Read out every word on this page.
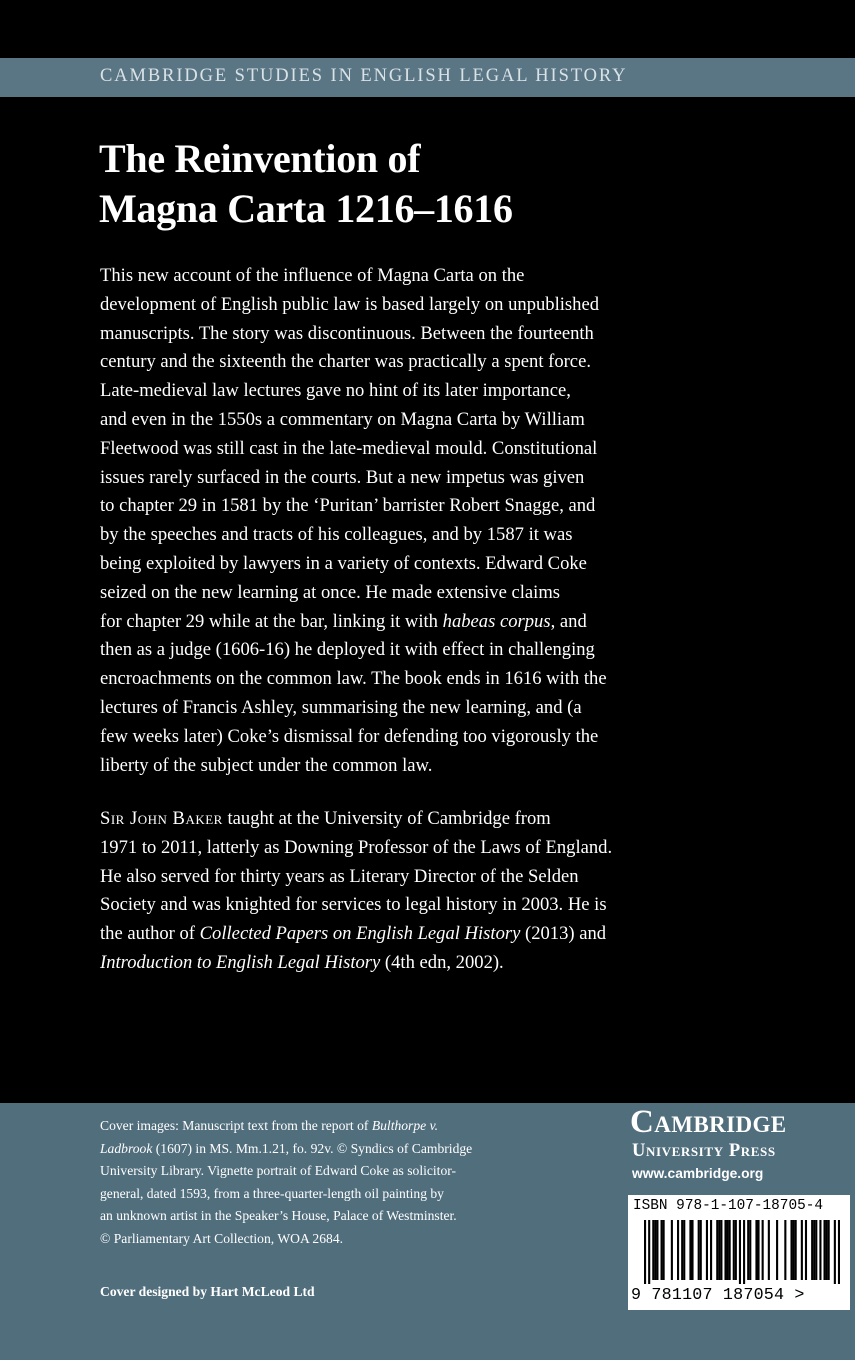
CAMBRIDGE STUDIES IN ENGLISH LEGAL HISTORY
The Reinvention of
Magna Carta 1216–1616
This new account of the influence of Magna Carta on the
development of English public law is based largely on unpublished
manuscripts. The story was discontinuous. Between the fourteenth
century and the sixteenth the charter was practically a spent force.
Late-medieval law lectures gave no hint of its later importance,
and even in the 1550s a commentary on Magna Carta by William
Fleetwood was still cast in the late-medieval mould. Constitutional
issues rarely surfaced in the courts. But a new impetus was given
to chapter 29 in 1581 by the ‘Puritan’ barrister Robert Snagge, and
by the speeches and tracts of his colleagues, and by 1587 it was
being exploited by lawyers in a variety of contexts. Edward Coke
seized on the new learning at once. He made extensive claims
for chapter 29 while at the bar, linking it with habeas corpus, and
then as a judge (1606-16) he deployed it with effect in challenging
encroachments on the common law. The book ends in 1616 with the
lectures of Francis Ashley, summarising the new learning, and (a
few weeks later) Coke’s dismissal for defending too vigorously the
liberty of the subject under the common law.
Sir John Baker taught at the University of Cambridge from
1971 to 2011, latterly as Downing Professor of the Laws of England.
He also served for thirty years as Literary Director of the Selden
Society and was knighted for services to legal history in 2003. He is
the author of Collected Papers on English Legal History (2013) and
Introduction to English Legal History (4th edn, 2002).
Cover images: Manuscript text from the report of Bulthorpe v.
Ladbrook (1607) in MS. Mm.1.21, fo. 92v. © Syndics of Cambridge
University Library. Vignette portrait of Edward Coke as solicitor-
general, dated 1593, from a three-quarter-length oil painting by
an unknown artist in the Speaker’s House, Palace of Westminster.
© Parliamentary Art Collection, WOA 2684.
Cover designed by Hart McLeod Ltd
Cambridge
University Press
www.cambridge.org
ISBN 978-1-107-18705-4
9 781107 187054 >
